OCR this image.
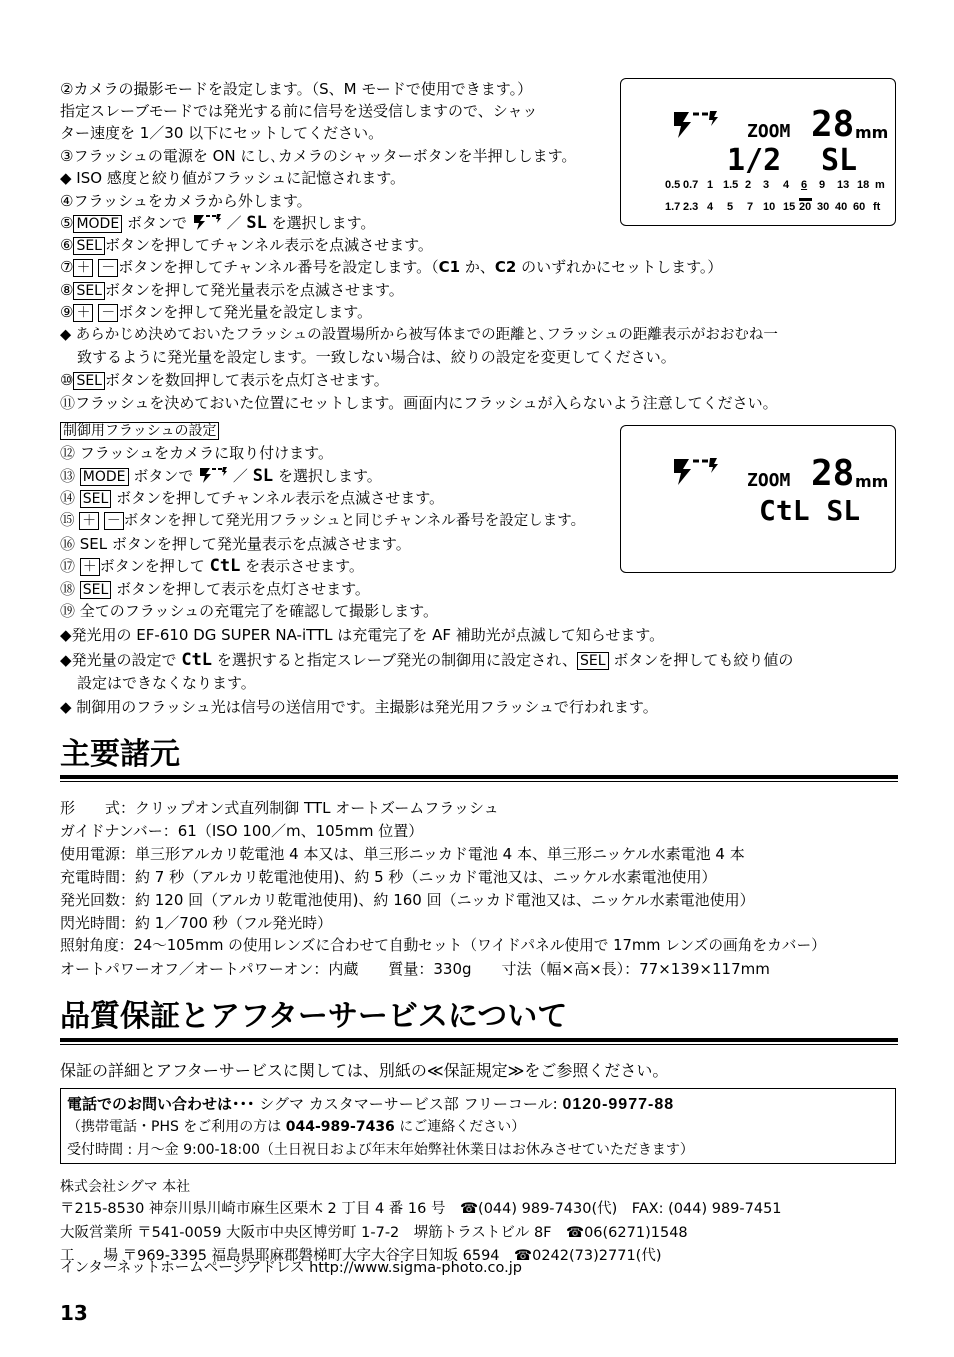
②カメラの撮影モードを設定します。（S、M モードで使用できます。）
指定スレーブモードでは発光する前に信号を送受信しますので、シャッ
ター速度を 1／30 以下にセットしてください。
③フラッシュの電源を ON にし､カメラのシャッターボタンを半押しします。
◆ ISO 感度と絞り値がフラッシュに記憶されます。
④フラッシュをカメラから外します。
⑤ MODE ボタンで	／ SL を選択します。
⑥ SEL ボタンを押してチャンネル表示を点滅させます。
⑦ ＋ － ボタンを押してチャンネル番号を設定します。（C1 か、C2 のいずれかにセットします。）
⑧ SEL ボタンを押して発光量表示を点滅させます。
⑨ ＋ － ボタンを押して発光量を設定します。
◆ あらかじめ決めておいたフラッシュの設置場所から被写体までの距離と､フラッシュの距離表示がおおむね一
致するように発光量を設定します。一致しない場合は、絞りの設定を変更してください。
⑩ SEL ボタンを数回押して表示を点灯させます。
⑪フラッシュを決めておいた位置にセットします。画面内にフラッシュが入らないよう注意してください。
ZOOM 28 mm
1/2 SL
0.5 0.7 1 1.5 2 3 4 6 9 13 18 m
1.7 2.3 4 5 7 10 15 20 30 40 60 ft
制御用フラッシュの設定
⑫ フラッシュをカメラに取り付けます。
⑬ MODE ボタンで	／ SL を選択します。
⑭ SEL ボタンを押してチャンネル表示を点滅させます。
⑮ ＋ － ボタンを押して発光用フラッシュと同じチャンネル番号を設定します。
⑯ SEL ボタンを押して発光量表示を点滅させます。
⑰ ＋ ボタンを押して CtL を表示させます。
⑱ SEL ボタンを押して表示を点灯させます。
⑲ 全てのフラッシュの充電完了を確認して撮影します。
◆発光用の EF-610 DG SUPER NA-iTTL は充電完了を AF 補助光が点滅して知らせます。
◆発光量の設定で CtL を選択すると指定スレーブ発光の制御用に設定され、 SEL ボタンを押しても絞り値の
設定はできなくなります。
◆ 制御用のフラッシュ光は信号の送信用です。主撮影は発光用フラッシュで行われます。
ZOOM 28 mm
CtL SL
主要諸元
形　　式：クリップオン式直列制御 TTL オートズームフラッシュ
ガイドナンバー：61（ISO 100／m、105mm 位置）
使用電源：単三形アルカリ乾電池 4 本又は、単三形ニッカド電池 4 本、単三形ニッケル水素電池 4 本
充電時間：約 7 秒（アルカリ乾電池使用)、約 5 秒（ニッカド電池又は、ニッケル水素電池使用）
発光回数：約 120 回（アルカリ乾電池使用)、約 160 回（ニッカド電池又は、ニッケル水素電池使用）
閃光時間：約 1／700 秒（フル発光時）
照射角度：24〜105mm の使用レンズに合わせて自動セット（ワイドパネル使用で 17mm レンズの画角をカバー）
オートパワーオフ／オートパワーオン：内蔵　　質量：330g　　寸法（幅×高×長）：77×139×117mm
品質保証とアフターサービスについて
保証の詳細とアフターサービスに関しては、別紙の≪保証規定≫をご参照ください。
電話でのお問い合わせは･･･ シグマ カスタマーサービス部 フリーコール: 0120-9977-88
（携帯電話・PHS をご利用の方は 044-989-7436 にご連絡ください）
受付時間 : 月〜金 9:00-18:00（土日祝日および年末年始弊社休業日はお休みさせていただきます）
株式会社シグマ 本社
〒215-8530 神奈川県川崎市麻生区栗木 2 丁目 4 番 16 号　☎(044) 989-7430(代)　FAX: (044) 989-7451
大阪営業所 〒541-0059 大阪市中央区博労町 1-7-2　堺筋トラストビル 8F　☎06(6271)1548
工　　場 〒969-3395 福島県耶麻郡磐梯町大字大谷字日知坂 6594　☎0242(73)2771(代)
インターネットホームページアドレス http://www.sigma-photo.co.jp
13
